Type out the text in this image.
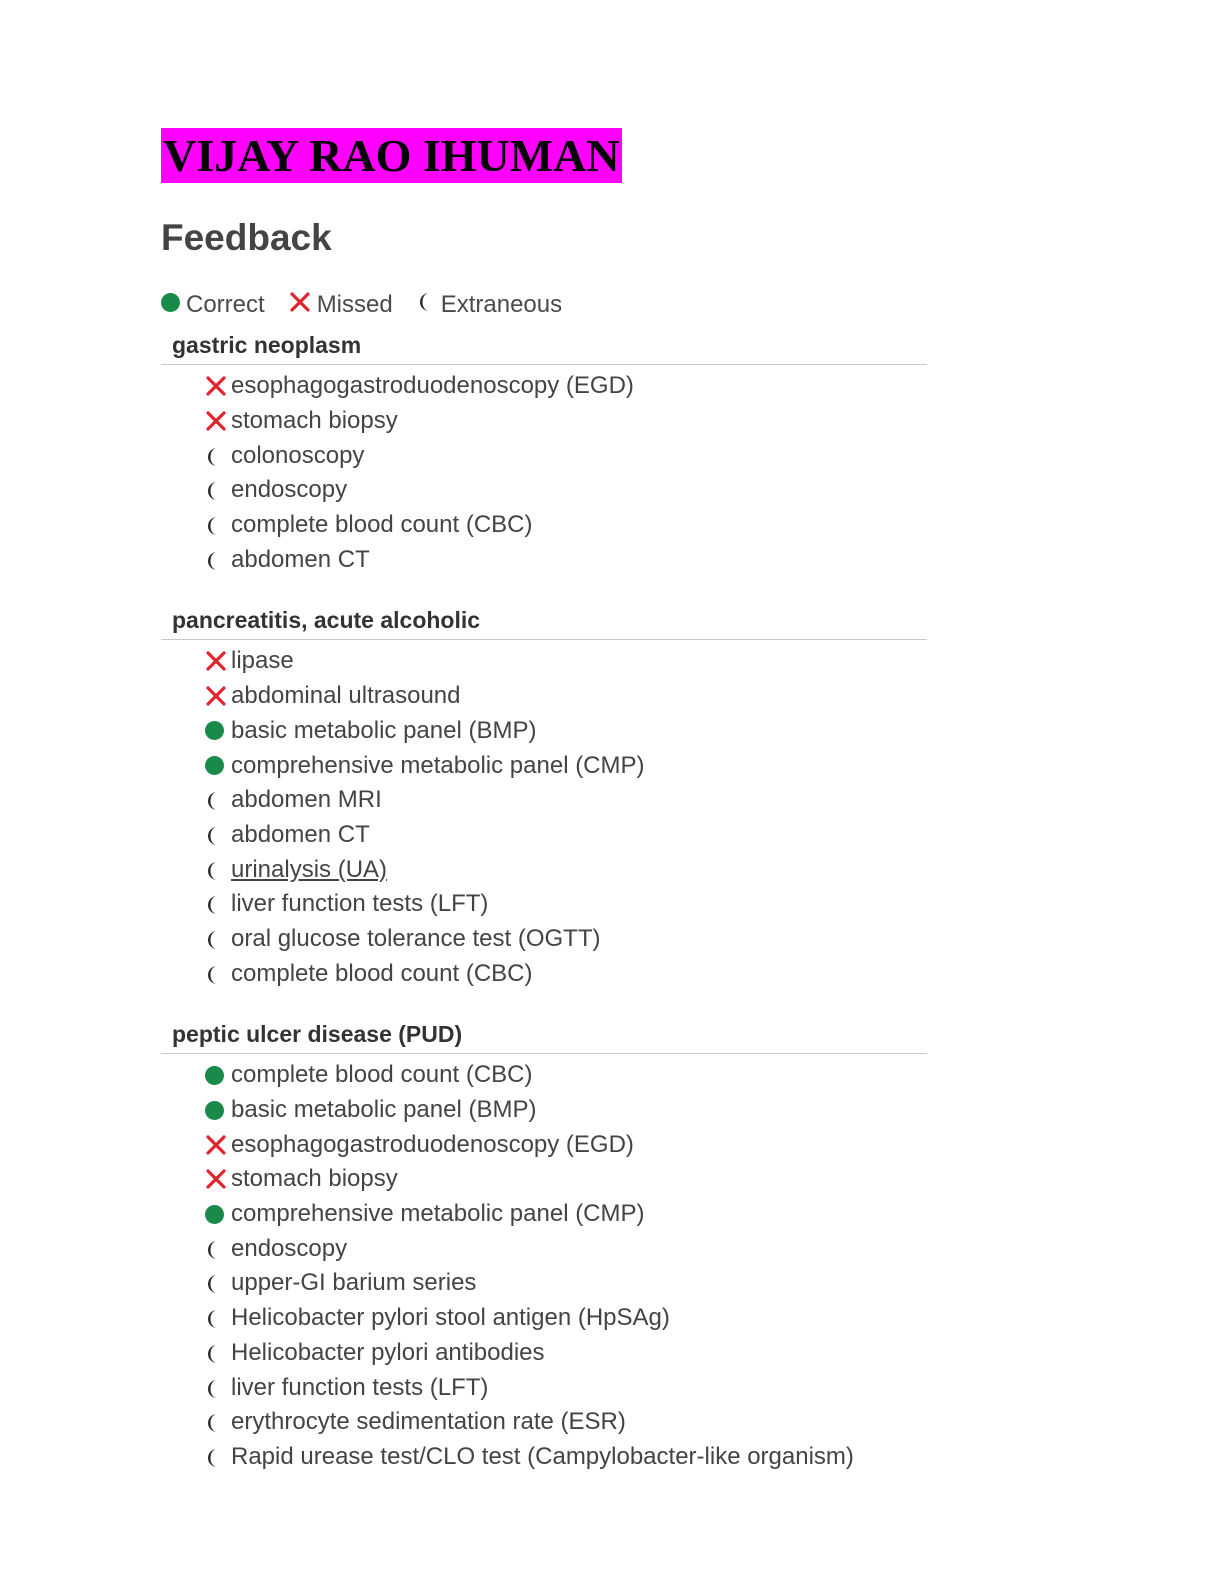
VIJAY RAO IHUMAN
Feedback
Correct Missed Extraneous
gastric neoplasm
esophagogastroduodenoscopy (EGD)
stomach biopsy
colonoscopy
endoscopy
complete blood count (CBC)
abdomen CT
pancreatitis, acute alcoholic
lipase
abdominal ultrasound
basic metabolic panel (BMP)
comprehensive metabolic panel (CMP)
abdomen MRI
abdomen CT
urinalysis (UA)
liver function tests (LFT)
oral glucose tolerance test (OGTT)
complete blood count (CBC)
peptic ulcer disease (PUD)
complete blood count (CBC)
basic metabolic panel (BMP)
esophagogastroduodenoscopy (EGD)
stomach biopsy
comprehensive metabolic panel (CMP)
endoscopy
upper-GI barium series
Helicobacter pylori stool antigen (HpSAg)
Helicobacter pylori antibodies
liver function tests (LFT)
erythrocyte sedimentation rate (ESR)
Rapid urease test/CLO test (Campylobacter-like organism)
